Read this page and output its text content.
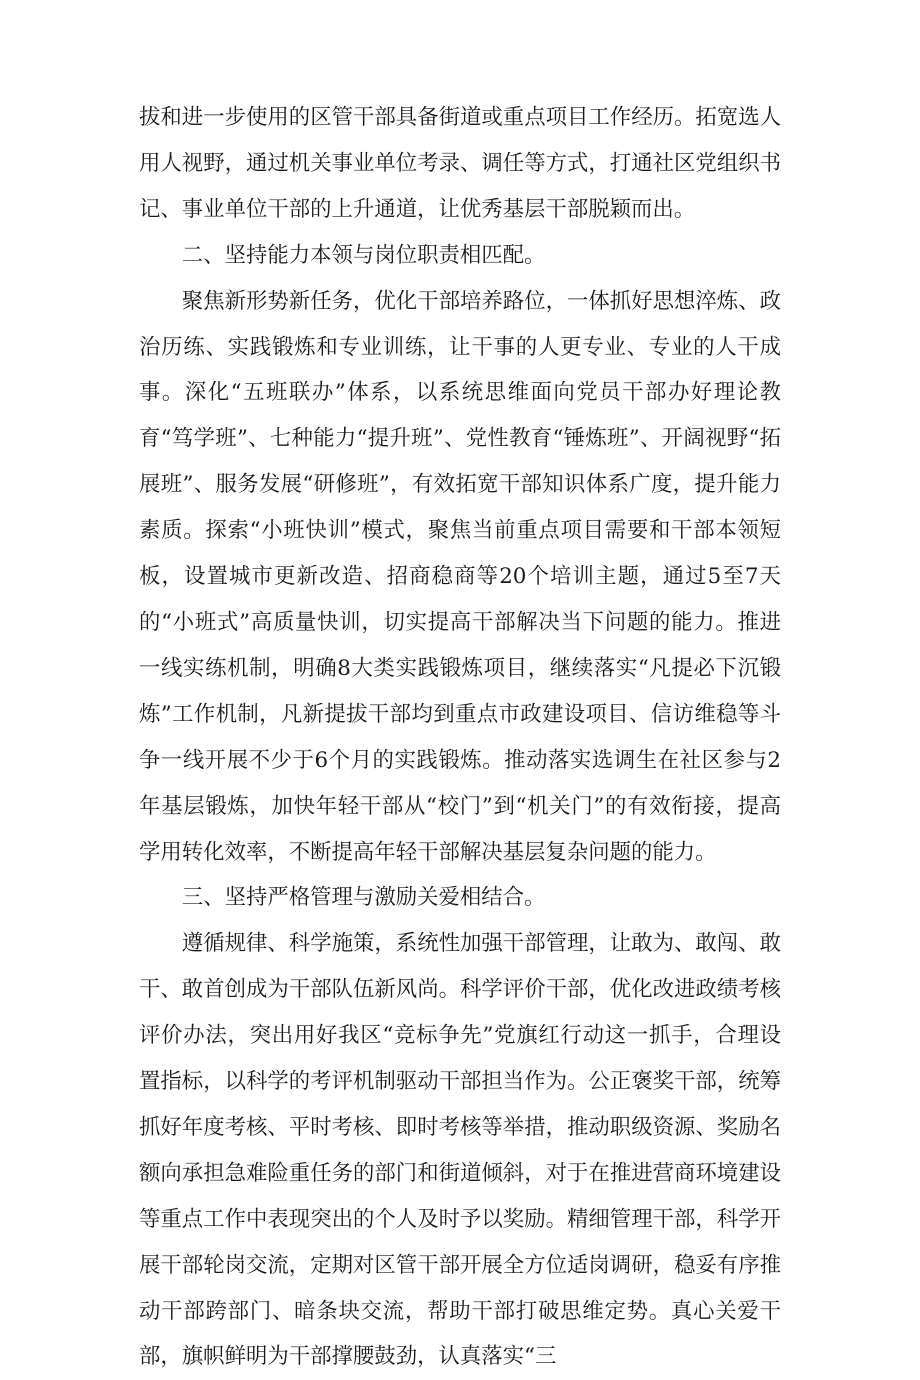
拔和进一步使用的区管干部具备街道或重点项目工作经历。拓宽选人用人视野，通过机关事业单位考录、调任等方式，打通社区党组织书记、事业单位干部的上升通道，让优秀基层干部脱颖而出。

二、坚持能力本领与岗位职责相匹配。

聚焦新形势新任务，优化干部培养路位，一体抓好思想淬炼、政治历练、实践锻炼和专业训练，让干事的人更专业、专业的人干成事。深化“五班联办”体系，以系统思维面向党员干部办好理论教育“笃学班”、七种能力“提升班”、党性教育“锤炼班”、开阔视野“拓展班”、服务发展“研修班”，有效拓宽干部知识体系广度，提升能力素质。探索“小班快训”模式，聚焦当前重点项目需要和干部本领短板，设置城市更新改造、招商稳商等20个培训主题，通过5至7天的“小班式”高质量快训，切实提高干部解决当下问题的能力。推进一线实练机制，明确8大类实践锻炼项目，继续落实“凡提必下沉锻炼”工作机制，凡新提拔干部均到重点市政建设项目、信访维稳等斗争一线开展不少于6个月的实践锻炼。推动落实选调生在社区参与2年基层锻炼，加快年轻干部从“校门”到“机关门”的有效衔接，提高学用转化效率，不断提高年轻干部解决基层复杂问题的能力。

三、坚持严格管理与激励关爱相结合。

遵循规律、科学施策，系统性加强干部管理，让敢为、敢闯、敢干、敢首创成为干部队伍新风尚。科学评价干部，优化改进政绩考核评价办法，突出用好我区“竞标争先”党旗红行动这一抓手，合理设置指标，以科学的考评机制驱动干部担当作为。公正褒奖干部，统筹抓好年度考核、平时考核、即时考核等举措，推动职级资源、奖励名额向承担急难险重任务的部门和街道倾斜，对于在推进营商环境建设等重点工作中表现突出的个人及时予以奖励。精细管理干部，科学开展干部轮岗交流，定期对区管干部开展全方位适岗调研，稳妥有序推动干部跨部门、暗条块交流，帮助干部打破思维定势。真心关爱干部，旗帜鲜明为干部撑腰鼓劲，认真落实“三
